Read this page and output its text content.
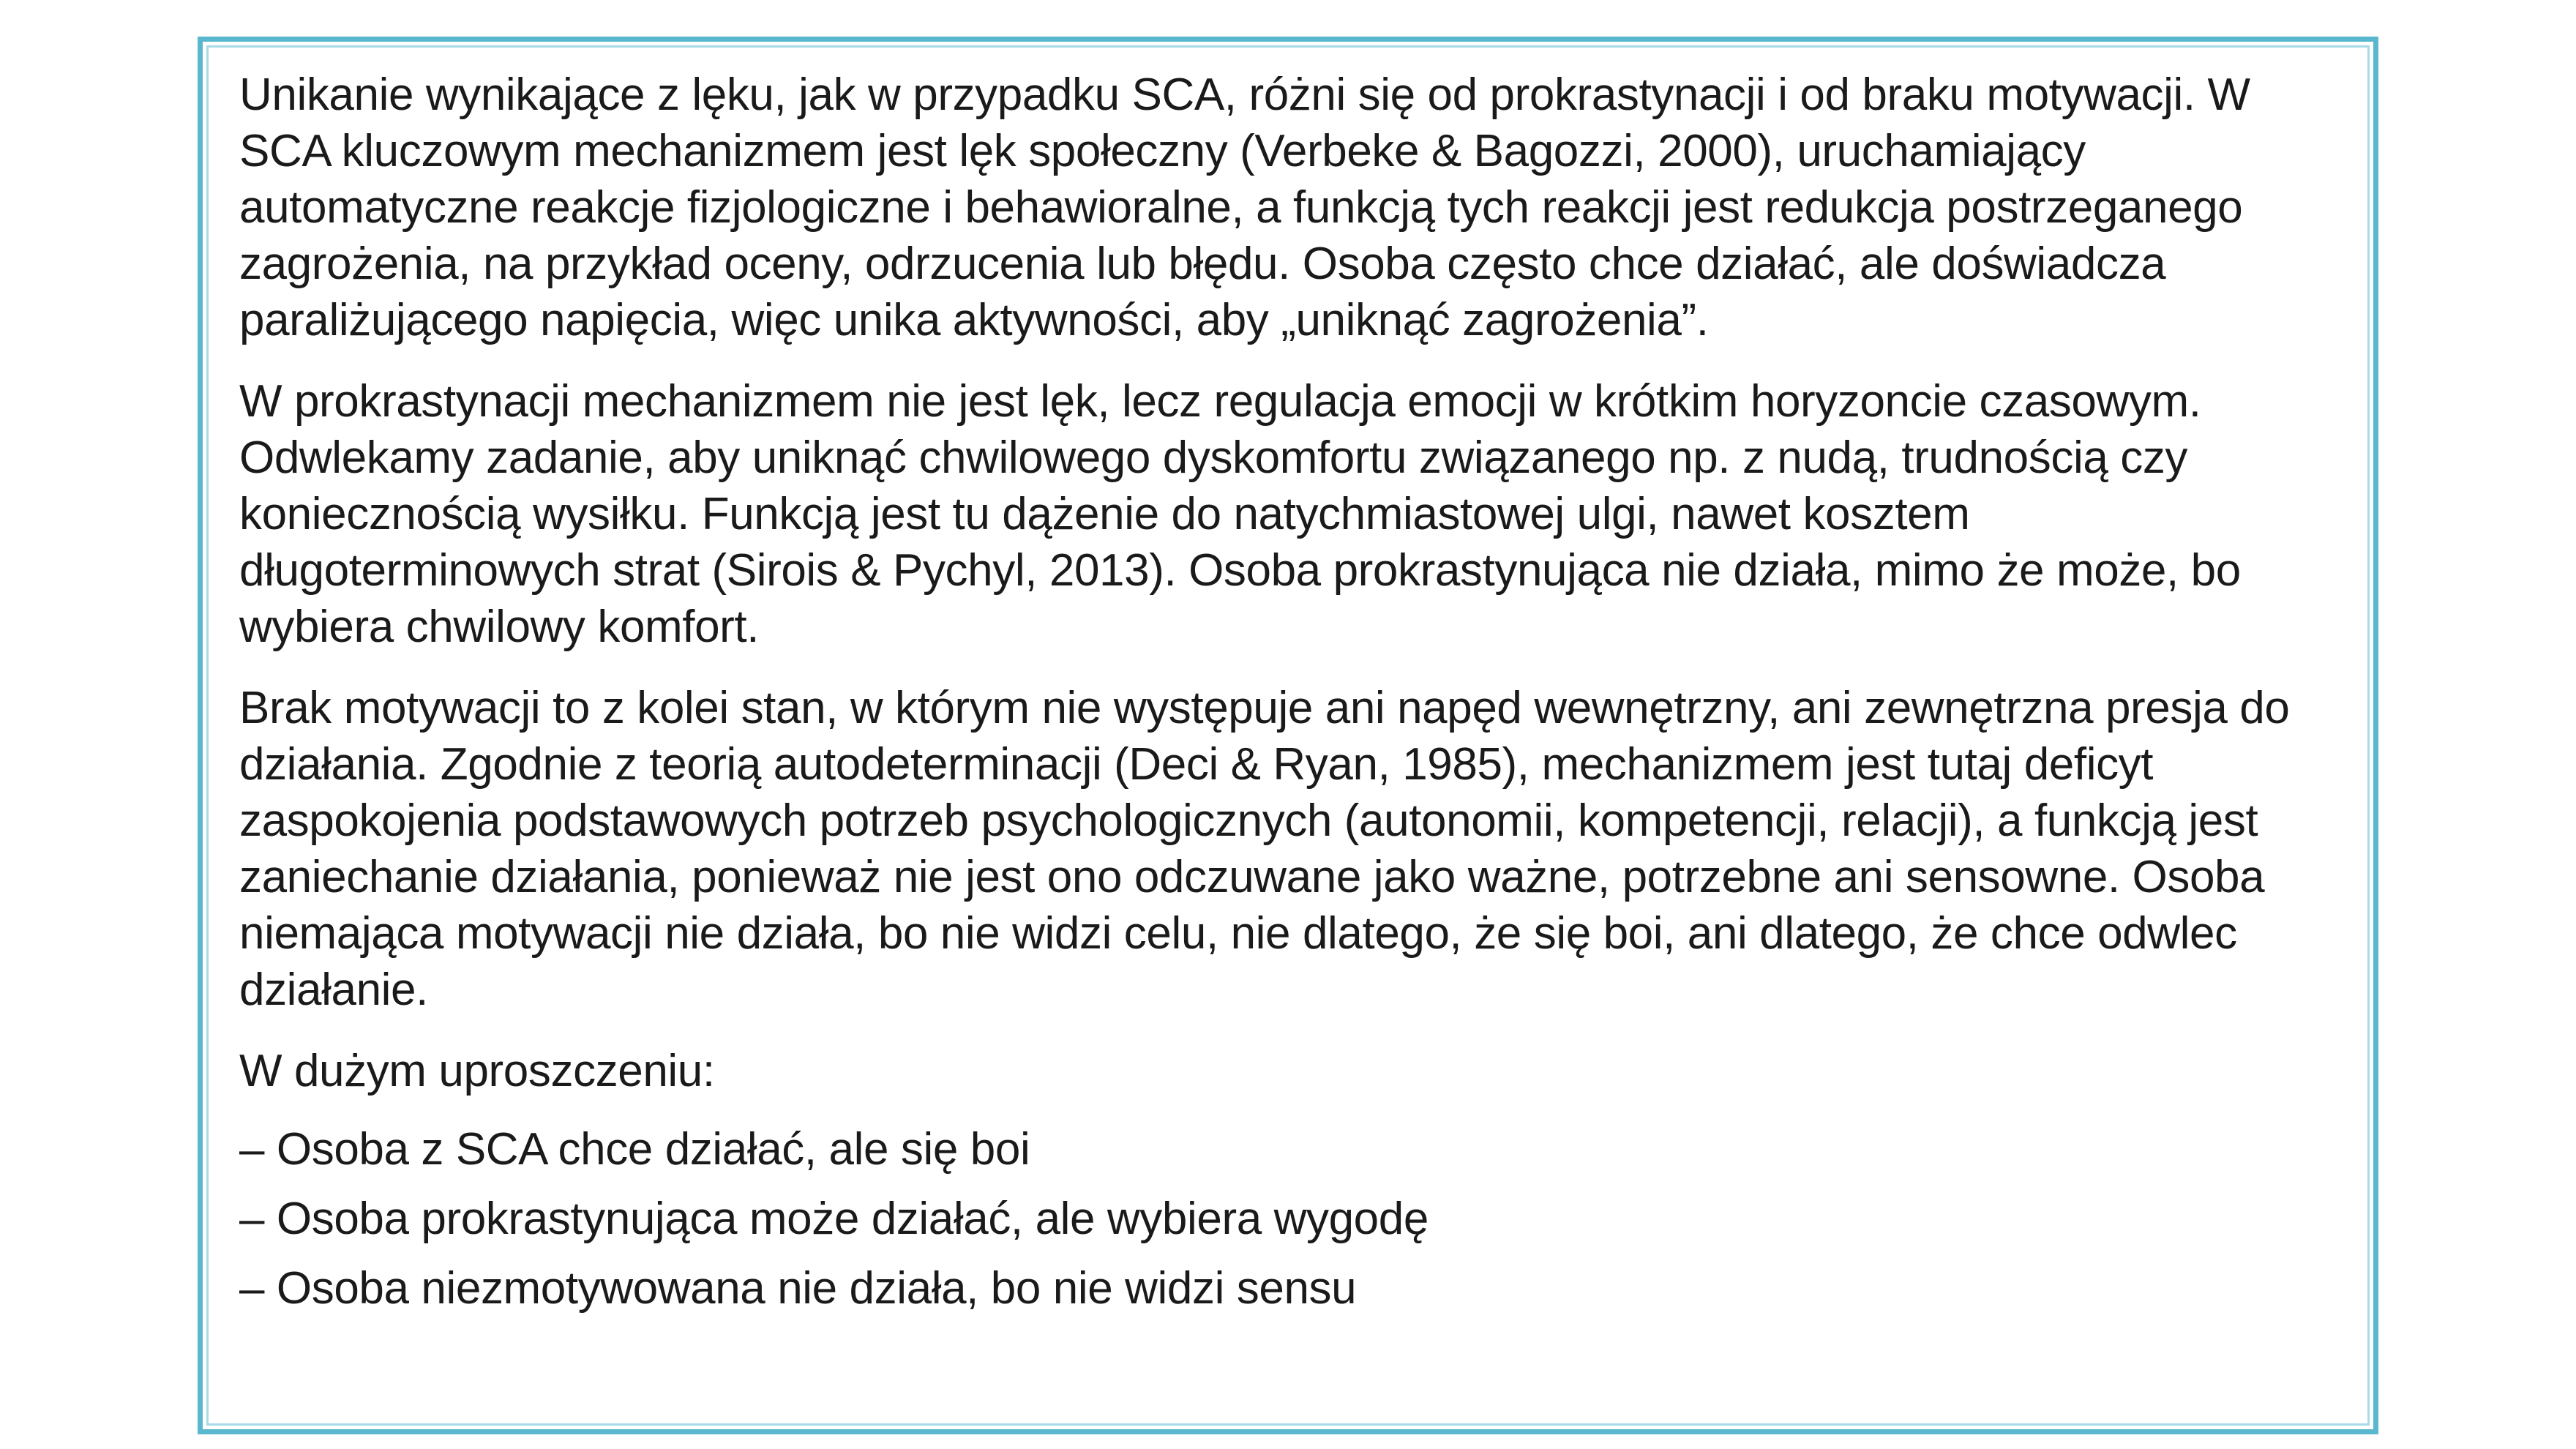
Unikanie wynikające z lęku, jak w przypadku SCA, różni się od prokrastynacji i od braku motywacji. W SCA kluczowym mechanizmem jest lęk społeczny (Verbeke & Bagozzi, 2000), uruchamiający automatyczne reakcje fizjologiczne i behawioralne, a funkcją tych reakcji jest redukcja postrzeganego zagrożenia, na przykład oceny, odrzucenia lub błędu. Osoba często chce działać, ale doświadcza paraliżującego napięcia, więc unika aktywności, aby „uniknąć zagrożenia”.

W prokrastynacji mechanizmem nie jest lęk, lecz regulacja emocji w krótkim horyzoncie czasowym. Odwlekamy zadanie, aby uniknąć chwilowego dyskomfortu związanego np. z nudą, trudnością czy koniecznością wysiłku. Funkcją jest tu dążenie do natychmiastowej ulgi, nawet kosztem długoterminowych strat (Sirois & Pychyl, 2013). Osoba prokrastynująca nie działa, mimo że może, bo wybiera chwilowy komfort.

Brak motywacji to z kolei stan, w którym nie występuje ani napęd wewnętrzny, ani zewnętrzna presja do działania. Zgodnie z teorią autodeterminacji (Deci & Ryan, 1985), mechanizmem jest tutaj deficyt zaspokojenia podstawowych potrzeb psychologicznych (autonomii, kompetencji, relacji), a funkcją jest zaniechanie działania, ponieważ nie jest ono odczuwane jako ważne, potrzebne ani sensowne. Osoba niemająca motywacji nie działa, bo nie widzi celu, nie dlatego, że się boi, ani dlatego, że chce odwlec działanie.

W dużym uproszczeniu:

– Osoba z SCA chce działać, ale się boi
– Osoba prokrastynująca może działać, ale wybiera wygodę
– Osoba niezmotywowana nie działa, bo nie widzi sensu
